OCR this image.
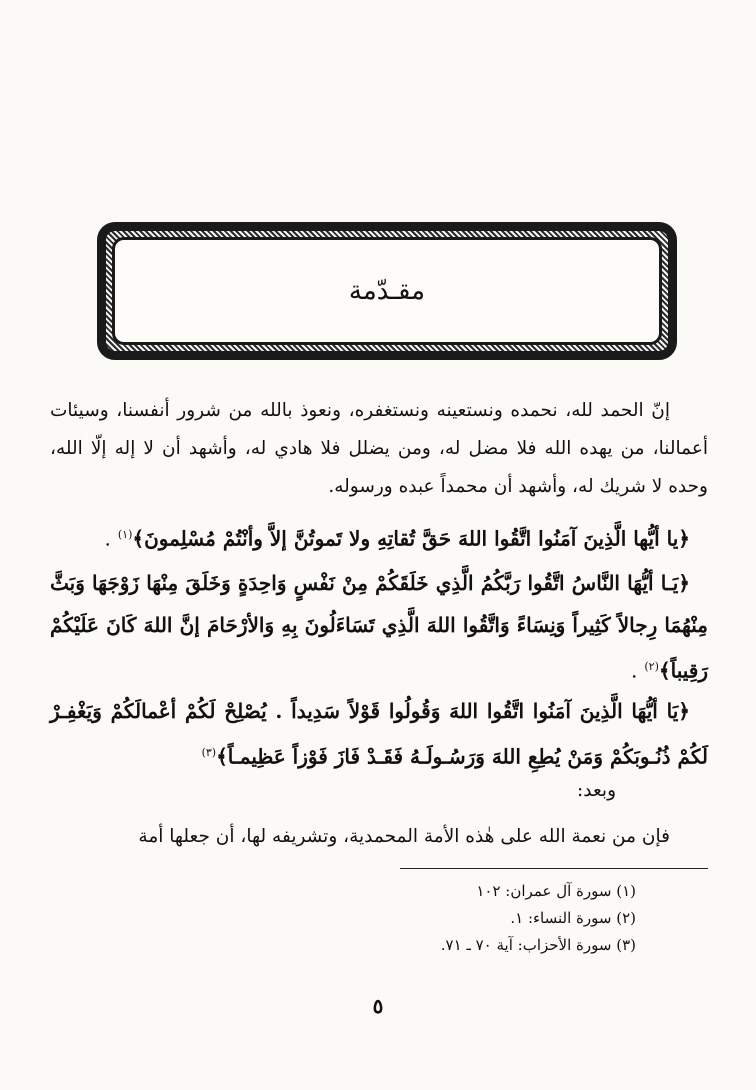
مقـدّمة

إنّ الحمد لله، نحمده ونستعينه ونستغفره، ونعوذ بالله من شرور أنفسنا، وسيئات أعمالنا، من يهده الله فلا مضل له، ومن يضلل فلا هادي له، وأشهد أن لا إله إلّا الله، وحده لا شريك له، وأشهد أن محمداً عبده ورسوله.

﴿يا أيُّها الَّذِينَ آمَنُوا اتَّقُوا اللهَ حَقَّ تُقاتِهِ ولا تَموتُنَّ إلاَّ وأنْتُمْ مُسْلِمونَ﴾$^{(١)}$ .
﴿يَـا أيُّهَا النَّاسُ اتَّقُوا رَبَّكُمُ الَّذِي خَلَقَكُمْ مِنْ نَفْسٍ وَاحِدَةٍ وَخَلَقَ مِنْهَا زَوْجَهَا وَبَثَّ مِنْهُمَا رِجالاً كَثِيراً وَنِسَاءً وَاتَّقُوا اللهَ الَّذِي تَسَاءَلُونَ بِهِ وَالأرْحَامَ إنَّ اللهَ كَانَ عَلَيْكُمْ رَقِيباً﴾$^{(٢)}$ .
﴿يَا أيُّهَا الَّذِينَ آمَنُوا اتَّقُوا اللهَ وَقُولُوا قَوْلاً سَدِيداً . يُصْلِحْ لَكُمْ أعْمالَكُمْ وَيَغْفِـرْ لَكُمْ ذُنُـوبَكُمْ وَمَنْ يُطِعِ اللهَ وَرَسُـولَـهُ فَقَـدْ فَازَ فَوْزاً عَظِيمـاً﴾$^{(٣)}$
وبعد:
فإن من نعمة الله على هٰذه الأمة المحمدية، وتشريفه لها، أن جعلها أمة
(١) سورة آل عمران: ١٠٢
(٢) سورة النساء: ١.
(٣) سورة الأحزاب: آية ٧٠ ـ ٧١.
٥
